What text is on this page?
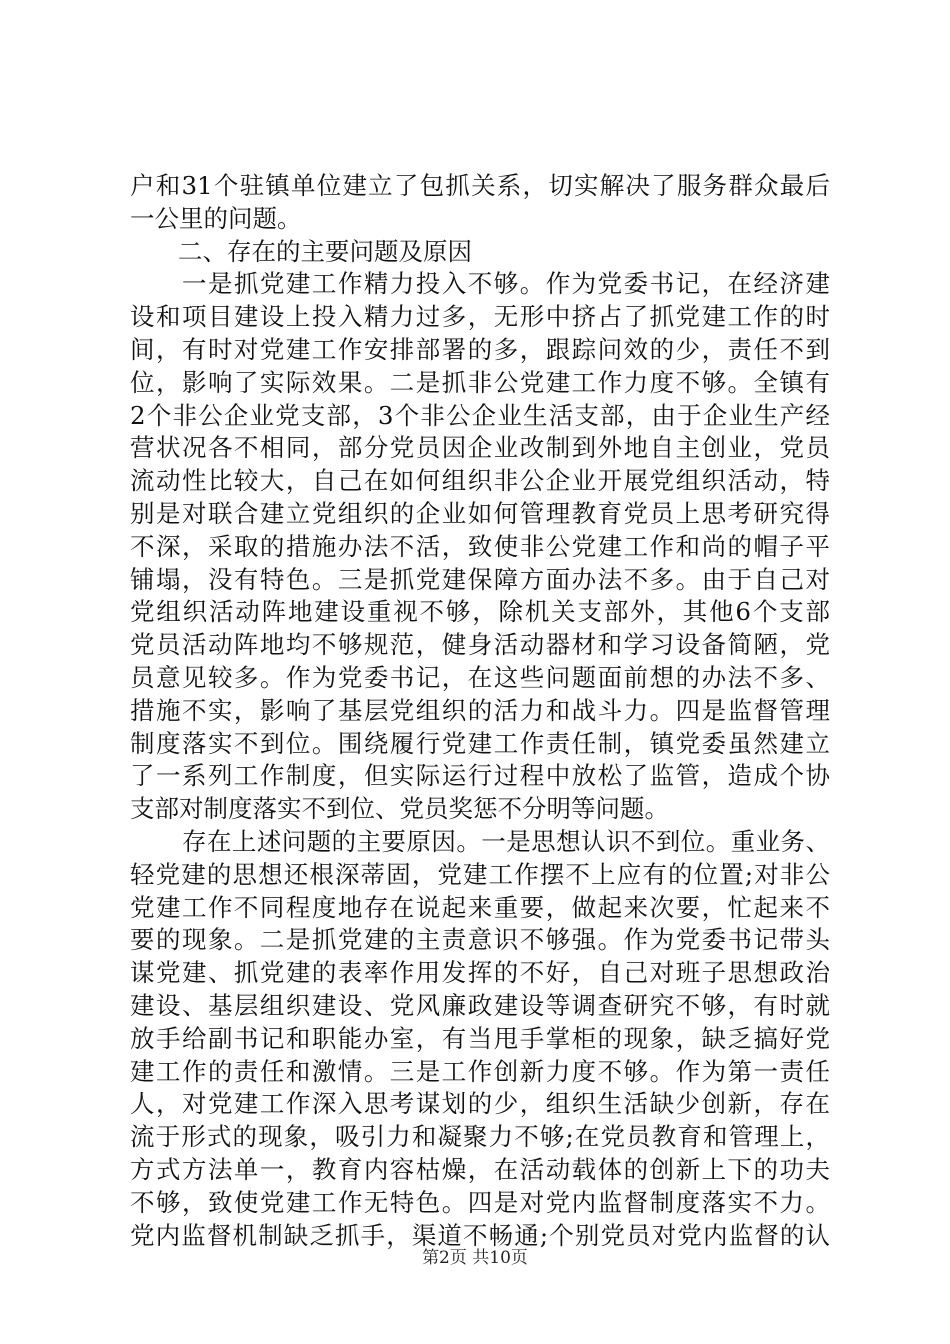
户和31个驻镇单位建立了包抓关系，切实解决了服务群众最后
一公里的问题。
二、存在的主要问题及原因
一是抓党建工作精力投入不够。作为党委书记，在经济建
设和项目建设上投入精力过多，无形中挤占了抓党建工作的时
间，有时对党建工作安排部署的多，跟踪问效的少，责任不到
位，影响了实际效果。二是抓非公党建工作力度不够。全镇有
2个非公企业党支部，3个非公企业生活支部，由于企业生产经
营状况各不相同，部分党员因企业改制到外地自主创业，党员
流动性比较大，自己在如何组织非公企业开展党组织活动，特
别是对联合建立党组织的企业如何管理教育党员上思考研究得
不深，采取的措施办法不活，致使非公党建工作和尚的帽子平
铺塌，没有特色。三是抓党建保障方面办法不多。由于自己对
党组织活动阵地建设重视不够，除机关支部外，其他6个支部
党员活动阵地均不够规范，健身活动器材和学习设备简陋，党
员意见较多。作为党委书记，在这些问题面前想的办法不多、
措施不实，影响了基层党组织的活力和战斗力。四是监督管理
制度落实不到位。围绕履行党建工作责任制，镇党委虽然建立
了一系列工作制度，但实际运行过程中放松了监管，造成个协
支部对制度落实不到位、党员奖惩不分明等问题。
存在上述问题的主要原因。一是思想认识不到位。重业务、
轻党建的思想还根深蒂固，党建工作摆不上应有的位置;对非公
党建工作不同程度地存在说起来重要，做起来次要，忙起来不
要的现象。二是抓党建的主责意识不够强。作为党委书记带头
谋党建、抓党建的表率作用发挥的不好，自己对班子思想政治
建设、基层组织建设、党风廉政建设等调查研究不够，有时就
放手给副书记和职能办室，有当甩手掌柜的现象，缺乏搞好党
建工作的责任和激情。三是工作创新力度不够。作为第一责任
人，对党建工作深入思考谋划的少，组织生活缺少创新，存在
流于形式的现象，吸引力和凝聚力不够;在党员教育和管理上，
方式方法单一，教育内容枯燥，在活动载体的创新上下的功夫
不够，致使党建工作无特色。四是对党内监督制度落实不力。
党内监督机制缺乏抓手，渠道不畅通;个别党员对党内监督的认
第2页 共10页
